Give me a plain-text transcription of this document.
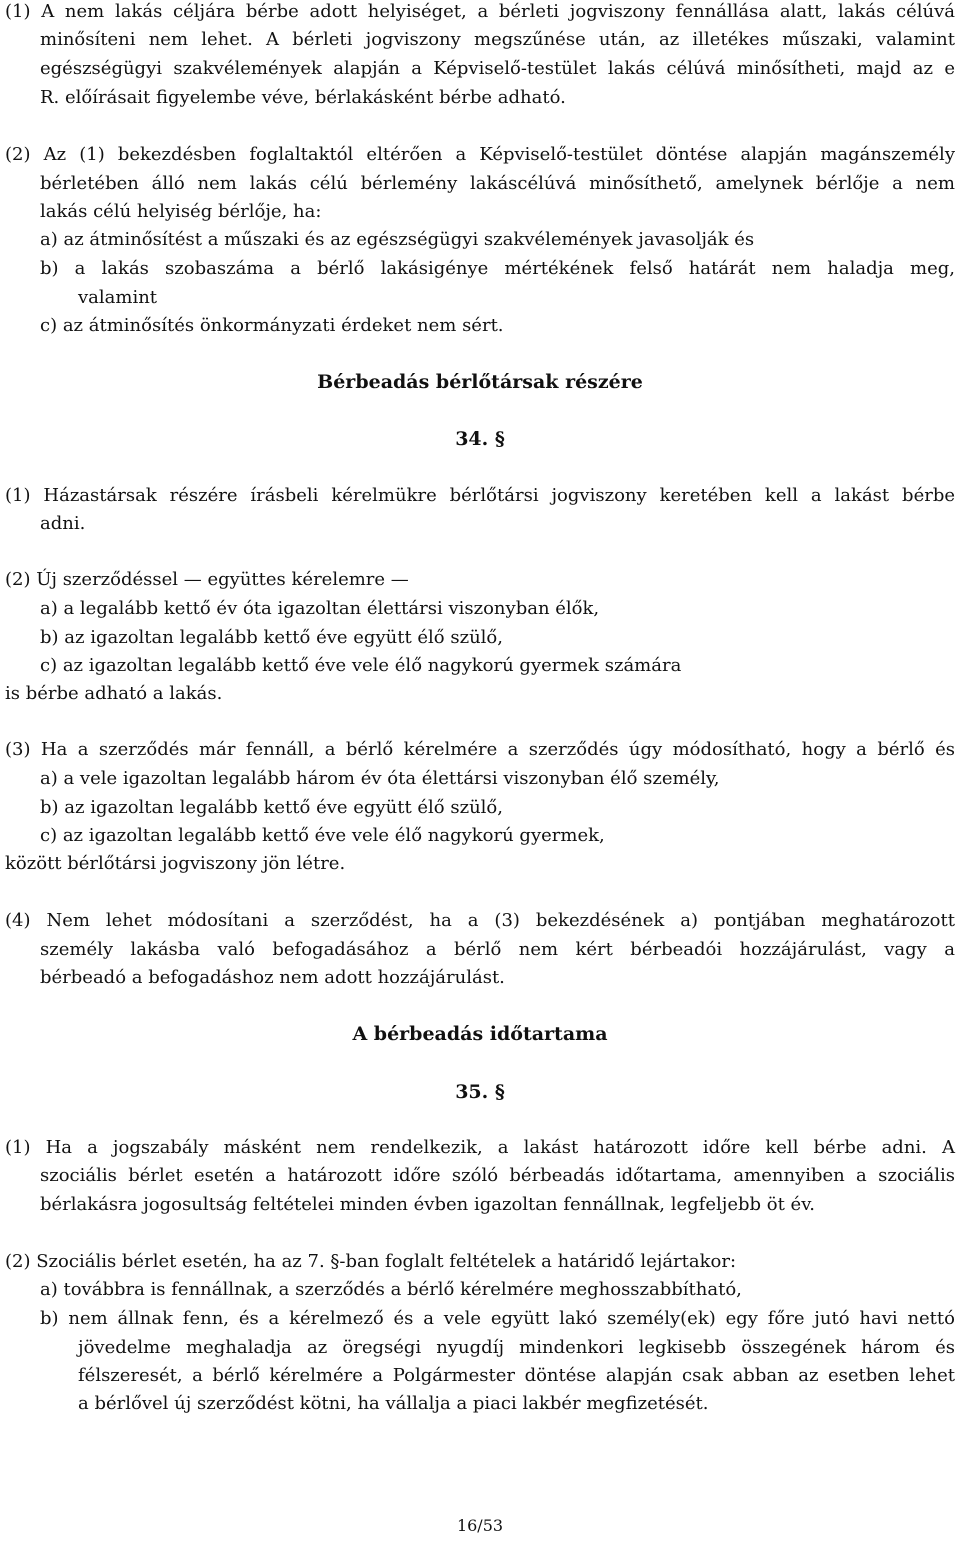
(1) A nem lakás céljára bérbe adott helyiséget, a bérleti jogviszony fennállása alatt, lakás célúvá
minősíteni nem lehet. A bérleti jogviszony megszűnése után, az illetékes műszaki, valamint
egészségügyi szakvélemények alapján a Képviselő-testület lakás célúvá minősítheti, majd az e
R. előírásait figyelembe véve, bérlakásként bérbe adható.
(2) Az (1) bekezdésben foglaltaktól eltérően a Képviselő-testület döntése alapján magánszemély
bérletében álló nem lakás célú bérlemény lakáscélúvá minősíthető, amelynek bérlője a nem
lakás célú helyiség bérlője, ha:
a) az átminősítést a műszaki és az egészségügyi szakvélemények javasolják és
b) a lakás szobaszáma a bérlő lakásigénye mértékének felső határát nem haladja meg,
valamint
c) az átminősítés önkormányzati érdeket nem sért.
Bérbeadás bérlőtársak részére
34. §
(1) Házastársak részére írásbeli kérelmükre bérlőtársi jogviszony keretében kell a lakást bérbe
adni.
(2) Új szerződéssel — együttes kérelemre —
a) a legalább kettő év óta igazoltan élettársi viszonyban élők,
b) az igazoltan legalább kettő éve együtt élő szülő,
c) az igazoltan legalább kettő éve vele élő nagykorú gyermek számára
is bérbe adható a lakás.
(3) Ha a szerződés már fennáll, a bérlő kérelmére a szerződés úgy módosítható, hogy a bérlő és
a) a vele igazoltan legalább három év óta élettársi viszonyban élő személy,
b) az igazoltan legalább kettő éve együtt élő szülő,
c) az igazoltan legalább kettő éve vele élő nagykorú gyermek,
között bérlőtársi jogviszony jön létre.
(4) Nem lehet módosítani a szerződést, ha a (3) bekezdésének a) pontjában meghatározott
személy lakásba való befogadásához a bérlő nem kért bérbeadói hozzájárulást, vagy a
bérbeadó a befogadáshoz nem adott hozzájárulást.
A bérbeadás időtartama
35. §
(1) Ha a jogszabály másként nem rendelkezik, a lakást határozott időre kell bérbe adni. A
szociális bérlet esetén a határozott időre szóló bérbeadás időtartama, amennyiben a szociális
bérlakásra jogosultság feltételei minden évben igazoltan fennállnak, legfeljebb öt év.
(2) Szociális bérlet esetén, ha az 7. §-ban foglalt feltételek a határidő lejártakor:
a) továbbra is fennállnak, a szerződés a bérlő kérelmére meghosszabbítható,
b) nem állnak fenn, és a kérelmező és a vele együtt lakó személy(ek) egy főre jutó havi nettó
jövedelme meghaladja az öregségi nyugdíj mindenkori legkisebb összegének három és
félszeresét, a bérlő kérelmére a Polgármester döntése alapján csak abban az esetben lehet
a bérlővel új szerződést kötni, ha vállalja a piaci lakbér megfizetését.
16/53
